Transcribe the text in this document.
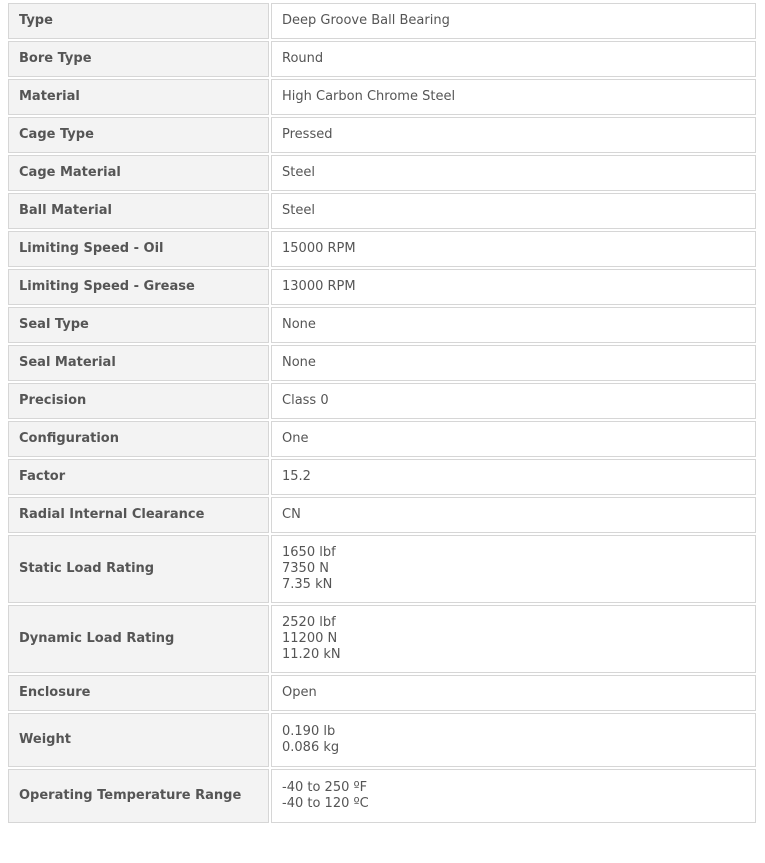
Type	Deep Groove Ball Bearing

Bore Type	Round

Material	High Carbon Chrome Steel

Cage Type	Pressed

Cage Material	Steel

Ball Material	Steel

Limiting Speed - Oil	15000 RPM

Limiting Speed - Grease	13000 RPM

Seal Type	None

Seal Material	None

Precision	Class 0

Configuration	One

Factor	15.2

Radial Internal Clearance	CN

Static Load Rating	1650 lbf
7350 N
7.35 kN

Dynamic Load Rating	2520 lbf
11200 N
11.20 kN

Enclosure	Open

Weight	0.190 lb
0.086 kg

Operating Temperature Range	-40 to 250 ºF
-40 to 120 ºC
